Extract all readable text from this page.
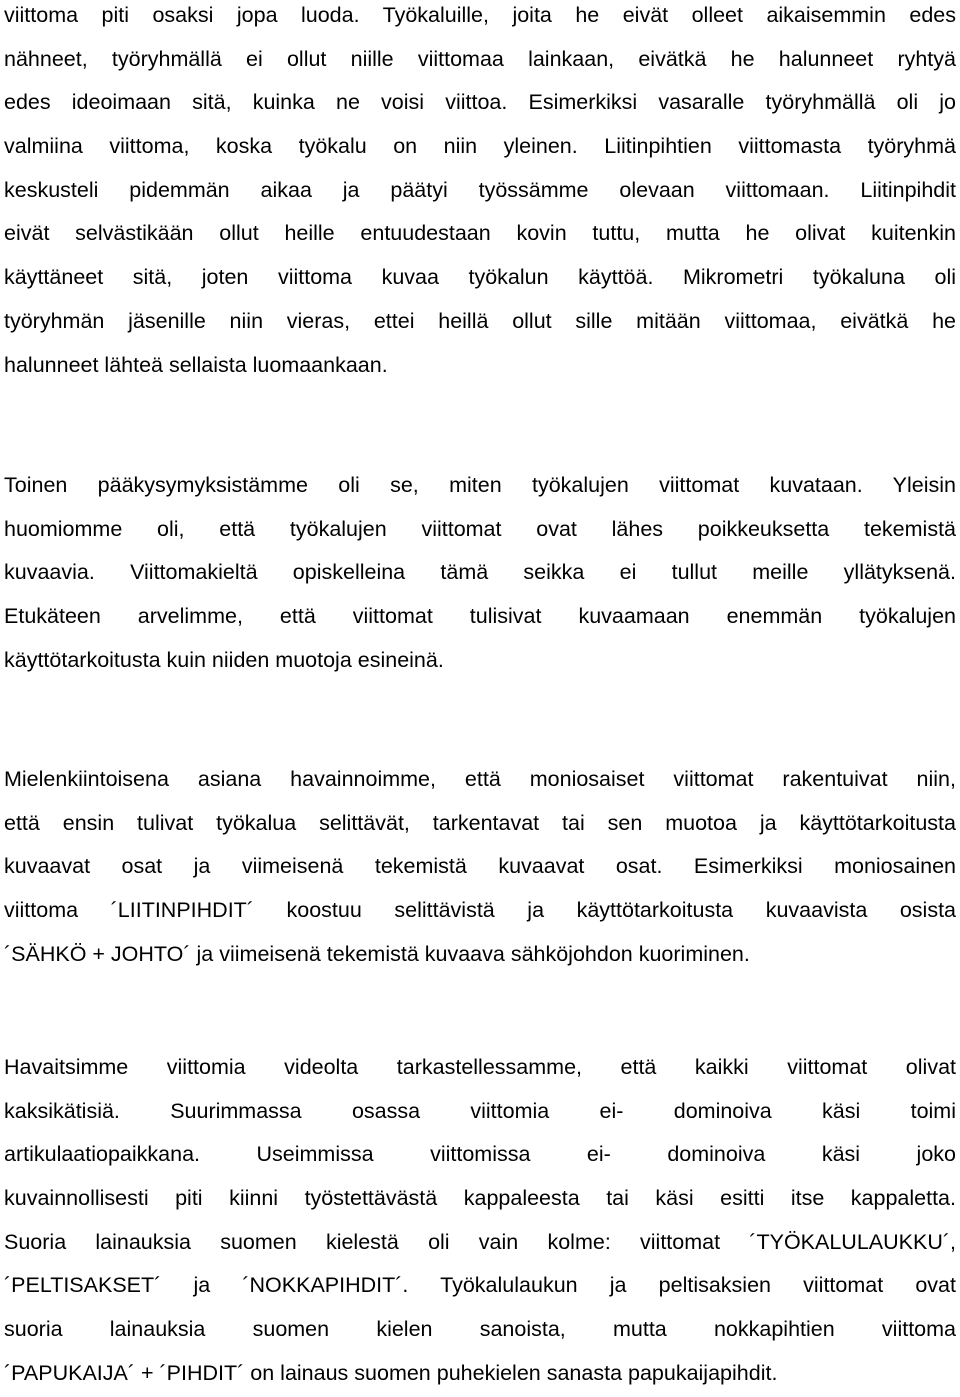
viittoma piti osaksi jopa luoda. Työkaluille, joita he eivät olleet aikaisemmin edes
nähneet, työryhmällä ei ollut niille viittomaa lainkaan, eivätkä he halunneet ryhtyä
edes ideoimaan sitä, kuinka ne voisi viittoa. Esimerkiksi vasaralle työryhmällä oli jo
valmiina viittoma, koska työkalu on niin yleinen. Liitinpihtien viittomasta työryhmä
keskusteli pidemmän aikaa ja päätyi työssämme olevaan viittomaan. Liitinpihdit
eivät selvästikään ollut heille entuudestaan kovin tuttu, mutta he olivat kuitenkin
käyttäneet sitä, joten viittoma kuvaa työkalun käyttöä. Mikrometri työkaluna oli
työryhmän jäsenille niin vieras, ettei heillä ollut sille mitään viittomaa, eivätkä he
halunneet lähteä sellaista luomaankaan.
Toinen pääkysymyksistämme oli se, miten työkalujen viittomat kuvataan. Yleisin
huomiomme oli, että työkalujen viittomat ovat lähes poikkeuksetta tekemistä
kuvaavia. Viittomakieltä opiskelleina tämä seikka ei tullut meille yllätyksenä.
Etukäteen arvelimme, että viittomat tulisivat kuvaamaan enemmän työkalujen
käyttötarkoitusta kuin niiden muotoja esineinä.
Mielenkiintoisena asiana havainnoimme, että moniosaiset viittomat rakentuivat niin,
että ensin tulivat työkalua selittävät, tarkentavat tai sen muotoa ja käyttötarkoitusta
kuvaavat osat ja viimeisenä tekemistä kuvaavat osat. Esimerkiksi moniosainen
viittoma ´LIITINPIHDIT´ koostuu selittävistä ja käyttötarkoitusta kuvaavista osista
´SÄHKÖ + JOHTO´ ja viimeisenä tekemistä kuvaava sähköjohdon kuoriminen.
Havaitsimme viittomia videolta tarkastellessamme, että kaikki viittomat olivat
kaksikätisiä. Suurimmassa osassa viittomia ei- dominoiva käsi toimi
artikulaatiopaikkana. Useimmissa viittomissa ei- dominoiva käsi joko
kuvainnollisesti piti kiinni työstettävästä kappaleesta tai käsi esitti itse kappaletta.
Suoria lainauksia suomen kielestä oli vain kolme: viittomat ´TYÖKALULAUKKU´,
´PELTISAKSET´ ja ´NOKKAPIHDIT´. Työkalulaukun ja peltisaksien viittomat ovat
suoria lainauksia suomen kielen sanoista, mutta nokkapihtien viittoma
´PAPUKAIJA´ + ´PIHDIT´ on lainaus suomen puhekielen sanasta papukaijapihdit.
